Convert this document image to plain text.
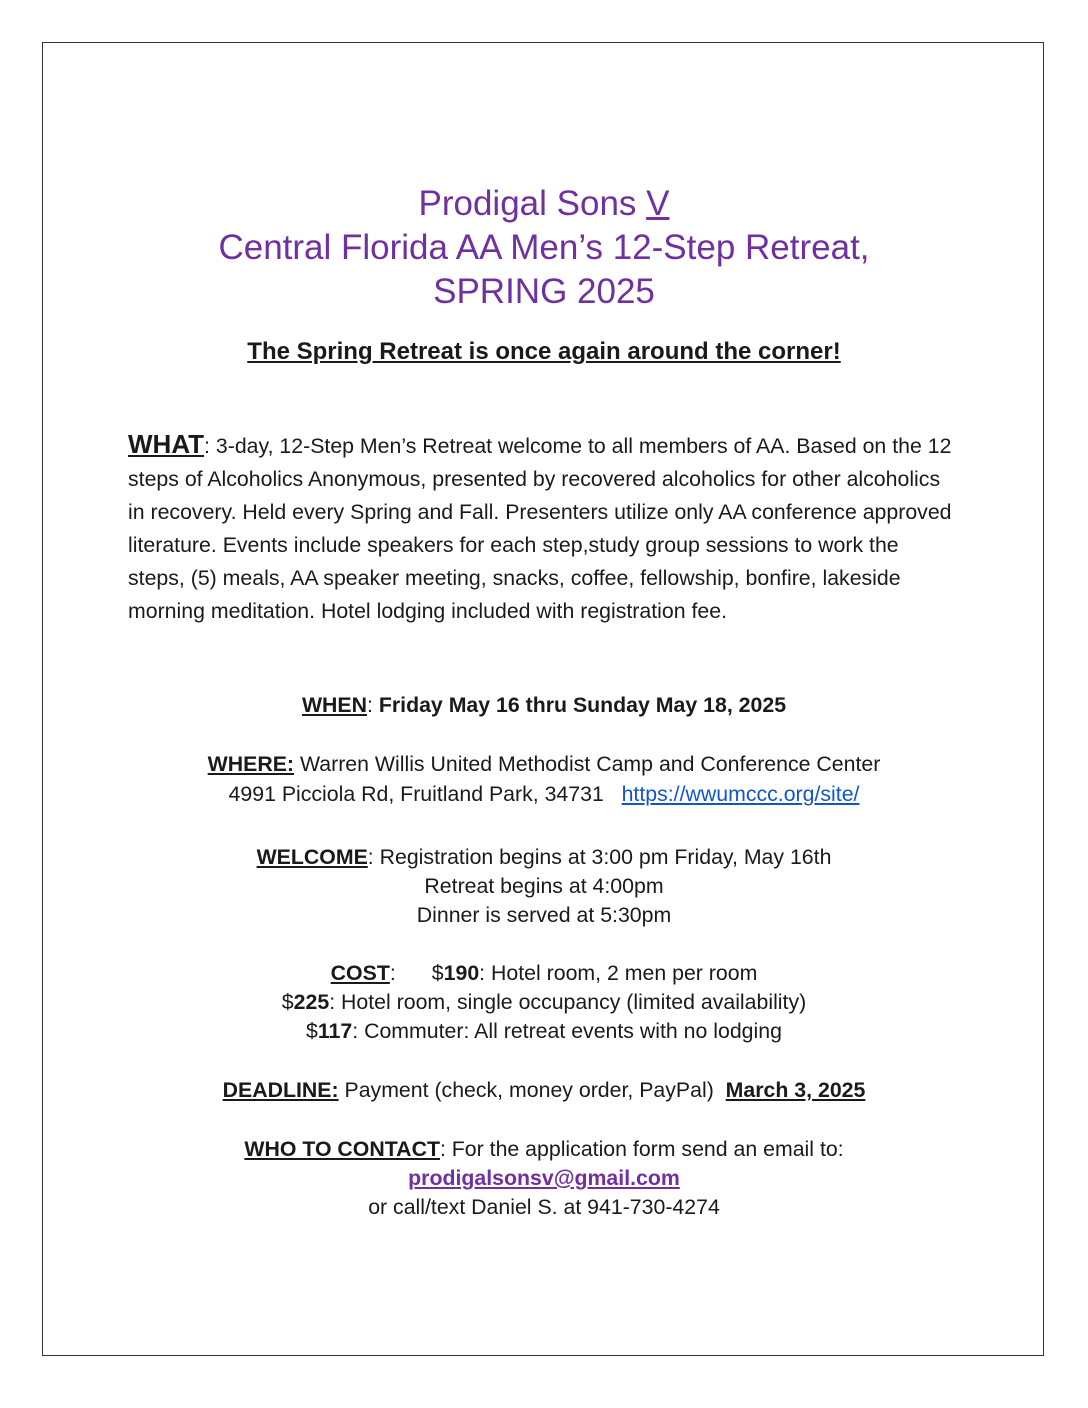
Prodigal Sons V
Central Florida AA Men’s 12-Step Retreat,
SPRING 2025
The Spring Retreat is once again around the corner!
WHAT: 3-day, 12-Step Men’s Retreat welcome to all members of AA. Based on the 12 steps of Alcoholics Anonymous, presented by recovered alcoholics for other alcoholics in recovery. Held every Spring and Fall. Presenters utilize only AA conference approved literature. Events include speakers for each step,study group sessions to work the steps, (5) meals, AA speaker meeting, snacks, coffee, fellowship, bonfire, lakeside morning meditation. Hotel lodging included with registration fee.
WHEN: Friday May 16 thru Sunday May 18, 2025
WHERE: Warren Willis United Methodist Camp and Conference Center
4991 Picciola Rd, Fruitland Park, 34731 https://wwumccc.org/site/
WELCOME: Registration begins at 3:00 pm Friday, May 16th
Retreat begins at 4:00pm
Dinner is served at 5:30pm
COST: $190: Hotel room, 2 men per room
$225: Hotel room, single occupancy (limited availability)
$117: Commuter: All retreat events with no lodging
DEADLINE: Payment (check, money order, PayPal) March 3, 2025
WHO TO CONTACT: For the application form send an email to:
prodigalsonsv@gmail.com
or call/text Daniel S. at 941-730-4274
